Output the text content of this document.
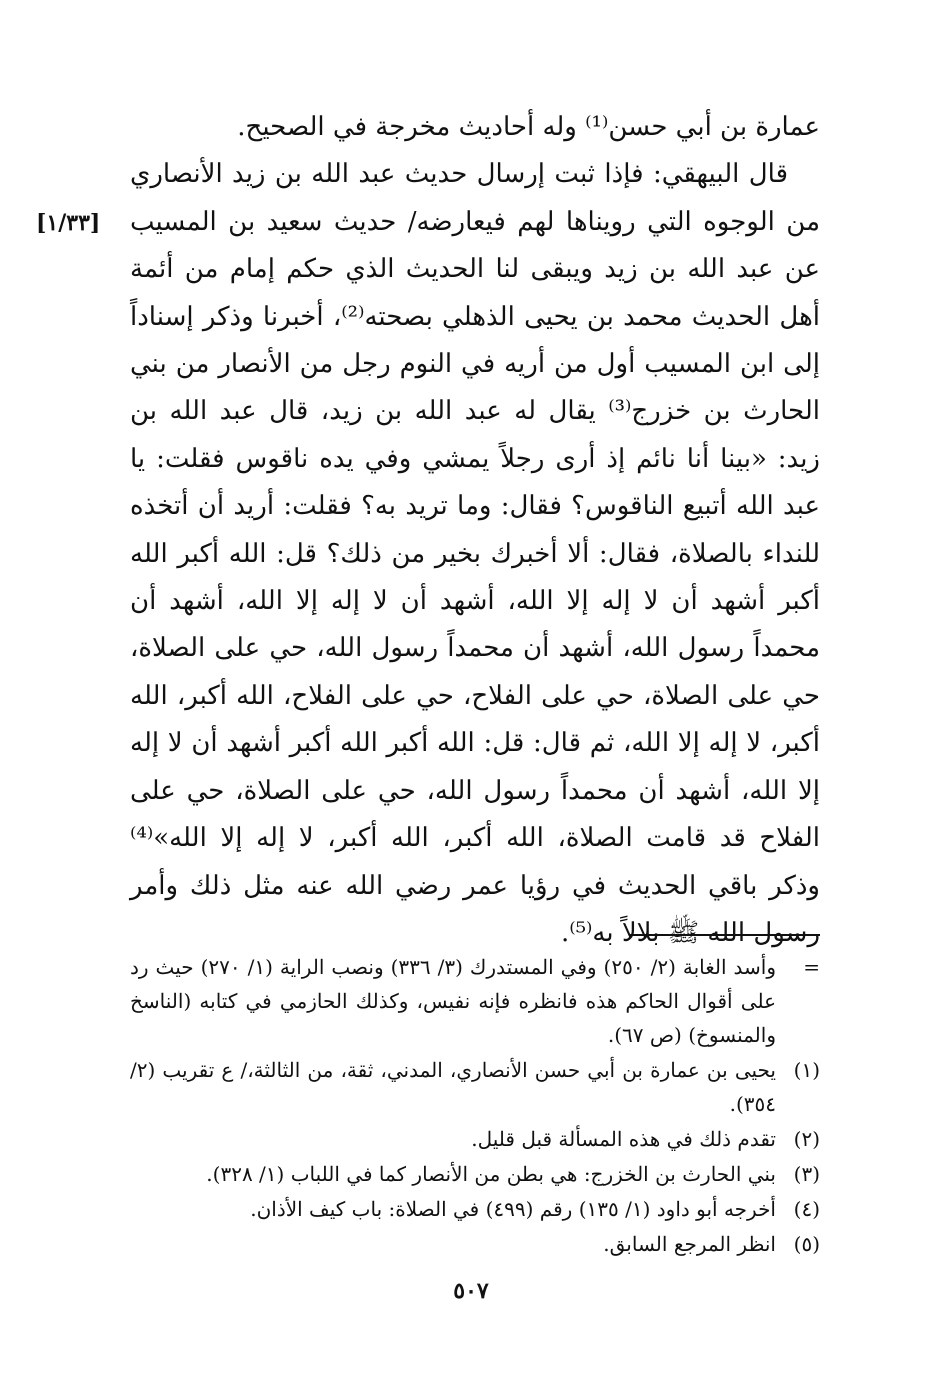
[١/٣٣]

عمارة بن أبي حسن⁽¹⁾ وله أحاديث مخرجة في الصحيح.

قال البيهقي: فإذا ثبت إرسال حديث عبد الله بن زيد الأنصاري من الوجوه التي رويناها لهم فيعارضه/ حديث سعيد بن المسيب عن عبد الله بن زيد ويبقى لنا الحديث الذي حكم إمام من أئمة أهل الحديث محمد بن يحيى الذهلي بصحته⁽²⁾، أخبرنا وذكر إسناداً إلى ابن المسيب أول من أريه في النوم رجل من الأنصار من بني الحارث بن خزرج⁽³⁾ يقال له عبد الله بن زيد، قال عبد الله بن زيد: «بينا أنا نائم إذ أرى رجلاً يمشي وفي يده ناقوس فقلت: يا عبد الله أتبيع الناقوس؟ فقال: وما تريد به؟ فقلت: أريد أن أتخذه للنداء بالصلاة، فقال: ألا أخبرك بخير من ذلك؟ قل: الله أكبر الله أكبر أشهد أن لا إله إلا الله، أشهد أن لا إله إلا الله، أشهد أن محمداً رسول الله، أشهد أن محمداً رسول الله، حي على الصلاة، حي على الصلاة، حي على الفلاح، حي على الفلاح، الله أكبر، الله أكبر، لا إله إلا الله، ثم قال: قل: الله أكبر الله أكبر أشهد أن لا إله إلا الله، أشهد أن محمداً رسول الله، حي على الصلاة، حي على الفلاح قد قامت الصلاة، الله أكبر، الله أكبر، لا إله إلا الله»⁽⁴⁾ وذكر باقي الحديث في رؤيا عمر رضي الله عنه مثل ذلك وأمر رسول الله ﷺ بلالاً به⁽⁵⁾.

=
وأسد الغابة (٢/ ٢٥٠) وفي المستدرك (٣/ ٣٣٦) ونصب الراية (١/ ٢٧٠) حيث رد على أقوال الحاكم هذه فانظره فإنه نفيس، وكذلك الحازمي في كتابه (الناسخ والمنسوخ) (ص ٦٧).
(١)
يحيى بن عمارة بن أبي حسن الأنصاري، المدني، ثقة، من الثالثة،/ ع تقريب (٢/ ٣٥٤).
(٢)
تقدم ذلك في هذه المسألة قبل قليل.
(٣)
بني الحارث بن الخزرج: هي بطن من الأنصار كما في اللباب (١/ ٣٢٨).
(٤)
أخرجه أبو داود (١/ ١٣٥) رقم (٤٩٩) في الصلاة: باب كيف الأذان.
(٥)
انظر المرجع السابق.
٥٠٧
